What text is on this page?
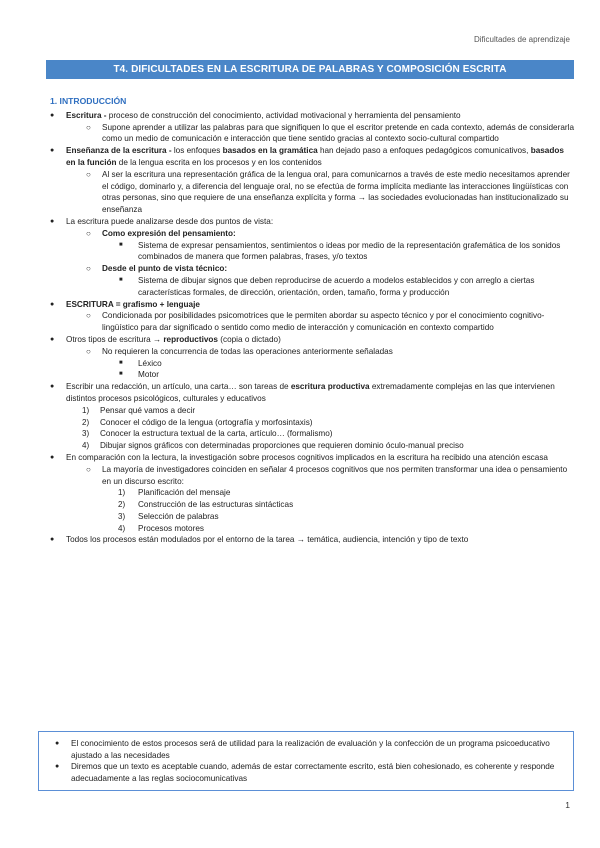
Dificultades de aprendizaje
T4. DIFICULTADES EN LA ESCRITURA DE PALABRAS Y COMPOSICIÓN ESCRITA
1. INTRODUCCIÓN
● Escritura - proceso de construcción del conocimiento, actividad motivacional y herramienta del pensamiento
○ Supone aprender a utilizar las palabras para que signifiquen lo que el escritor pretende en cada contexto, además de considerarla como un medio de comunicación e interacción que tiene sentido gracias al contexto socio-cultural compartido
● Enseñanza de la escritura - los enfoques basados en la gramática han dejado paso a enfoques pedagógicos comunicativos, basados en la función de la lengua escrita en los procesos y en los contenidos
○ Al ser la escritura una representación gráfica de la lengua oral, para comunicarnos a través de este medio necesitamos aprender el código, dominarlo y, a diferencia del lenguaje oral, no se efectúa de forma implícita mediante las interacciones lingüísticas con otras personas, sino que requiere de una enseñanza explícita y forma → las sociedades evolucionadas han institucionalizado su enseñanza
● La escritura puede analizarse desde dos puntos de vista:
○ Como expresión del pensamiento:
■ Sistema de expresar pensamientos, sentimientos o ideas por medio de la representación grafemática de los sonidos combinados de manera que formen palabras, frases, y/o textos
○ Desde el punto de vista técnico:
■ Sistema de dibujar signos que deben reproducirse de acuerdo a modelos establecidos y con arreglo a ciertas características formales, de dirección, orientación, orden, tamaño, forma y producción
● ESCRITURA = grafismo + lenguaje
○ Condicionada por posibilidades psicomotrices que le permiten abordar su aspecto técnico y por el conocimiento cognitivo-lingüístico para dar significado o sentido como medio de interacción y comunicación en contexto compartido
● Otros tipos de escritura → reproductivos (copia o dictado)
○ No requieren la concurrencia de todas las operaciones anteriormente señaladas
■ Léxico
■ Motor
● Escribir una redacción, un artículo, una carta… son tareas de escritura productiva extremadamente complejas en las que intervienen distintos procesos psicológicos, culturales y educativos
1) Pensar qué vamos a decir
2) Conocer el código de la lengua (ortografía y morfosintaxis)
3) Conocer la estructura textual de la carta, artículo… (formalismo)
4) Dibujar signos gráficos con determinadas proporciones que requieren dominio óculo-manual preciso
● En comparación con la lectura, la investigación sobre procesos cognitivos implicados en la escritura ha recibido una atención escasa
○ La mayoría de investigadores coinciden en señalar 4 procesos cognitivos que nos permiten transformar una idea o pensamiento en un discurso escrito:
1) Planificación del mensaje
2) Construcción de las estructuras sintácticas
3) Selección de palabras
4) Procesos motores
● Todos los procesos están modulados por el entorno de la tarea → temática, audiencia, intención y tipo de texto
● El conocimiento de estos procesos será de utilidad para la realización de evaluación y la confección de un programa psicoeducativo ajustado a las necesidades
● Diremos que un texto es aceptable cuando, además de estar correctamente escrito, está bien cohesionado, es coherente y responde adecuadamente a las reglas sociocomunicativas
1
